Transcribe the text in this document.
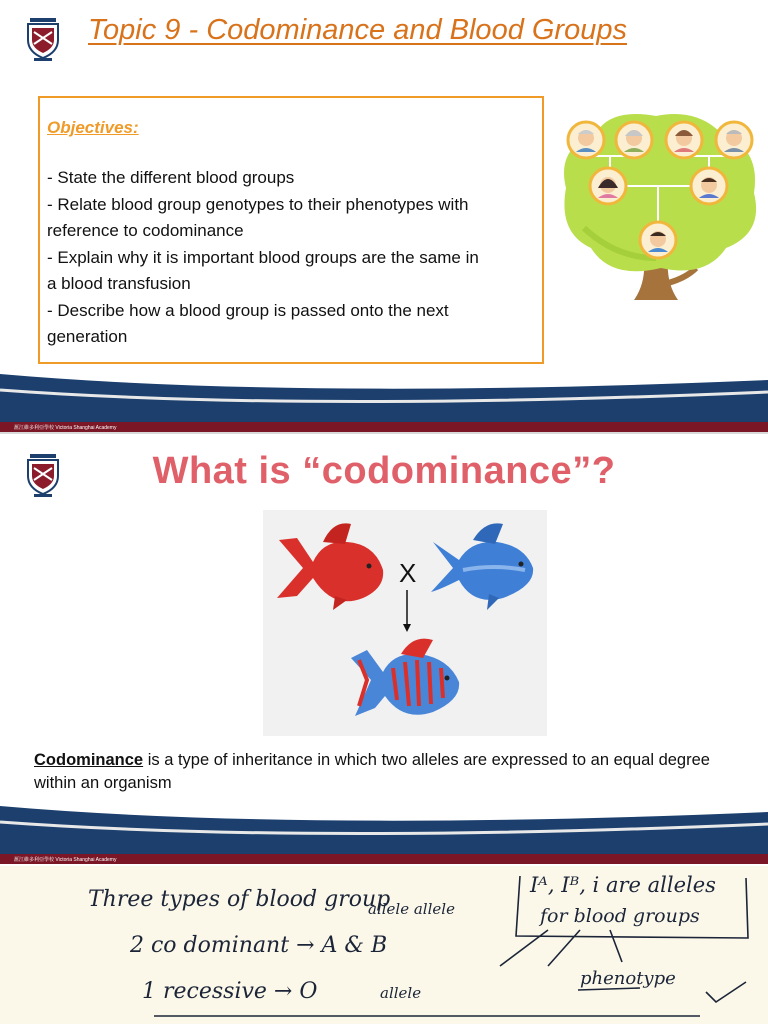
Topic 9 - Codominance and Blood Groups
Objectives:
- State the different blood groups
- Relate blood group genotypes to their phenotypes with
reference to codominance
- Explain why it is important blood groups are the same in
a blood transfusion
- Describe how a blood group is passed onto the next
generation
滙江維多利亞學校 Victoria Shanghai Academy
滙江維多利亞學校 Victoria Shanghai Academy
What is “codominance”?
X
Codominance is a type of inheritance in which two alleles are expressed to an equal degree within an organism
Three types of blood group
allele allele
2 co dominant → A & B
1 recessive → O	allele
Iᴬ, Iᴮ, i are alleles
for blood groups
phenotype
